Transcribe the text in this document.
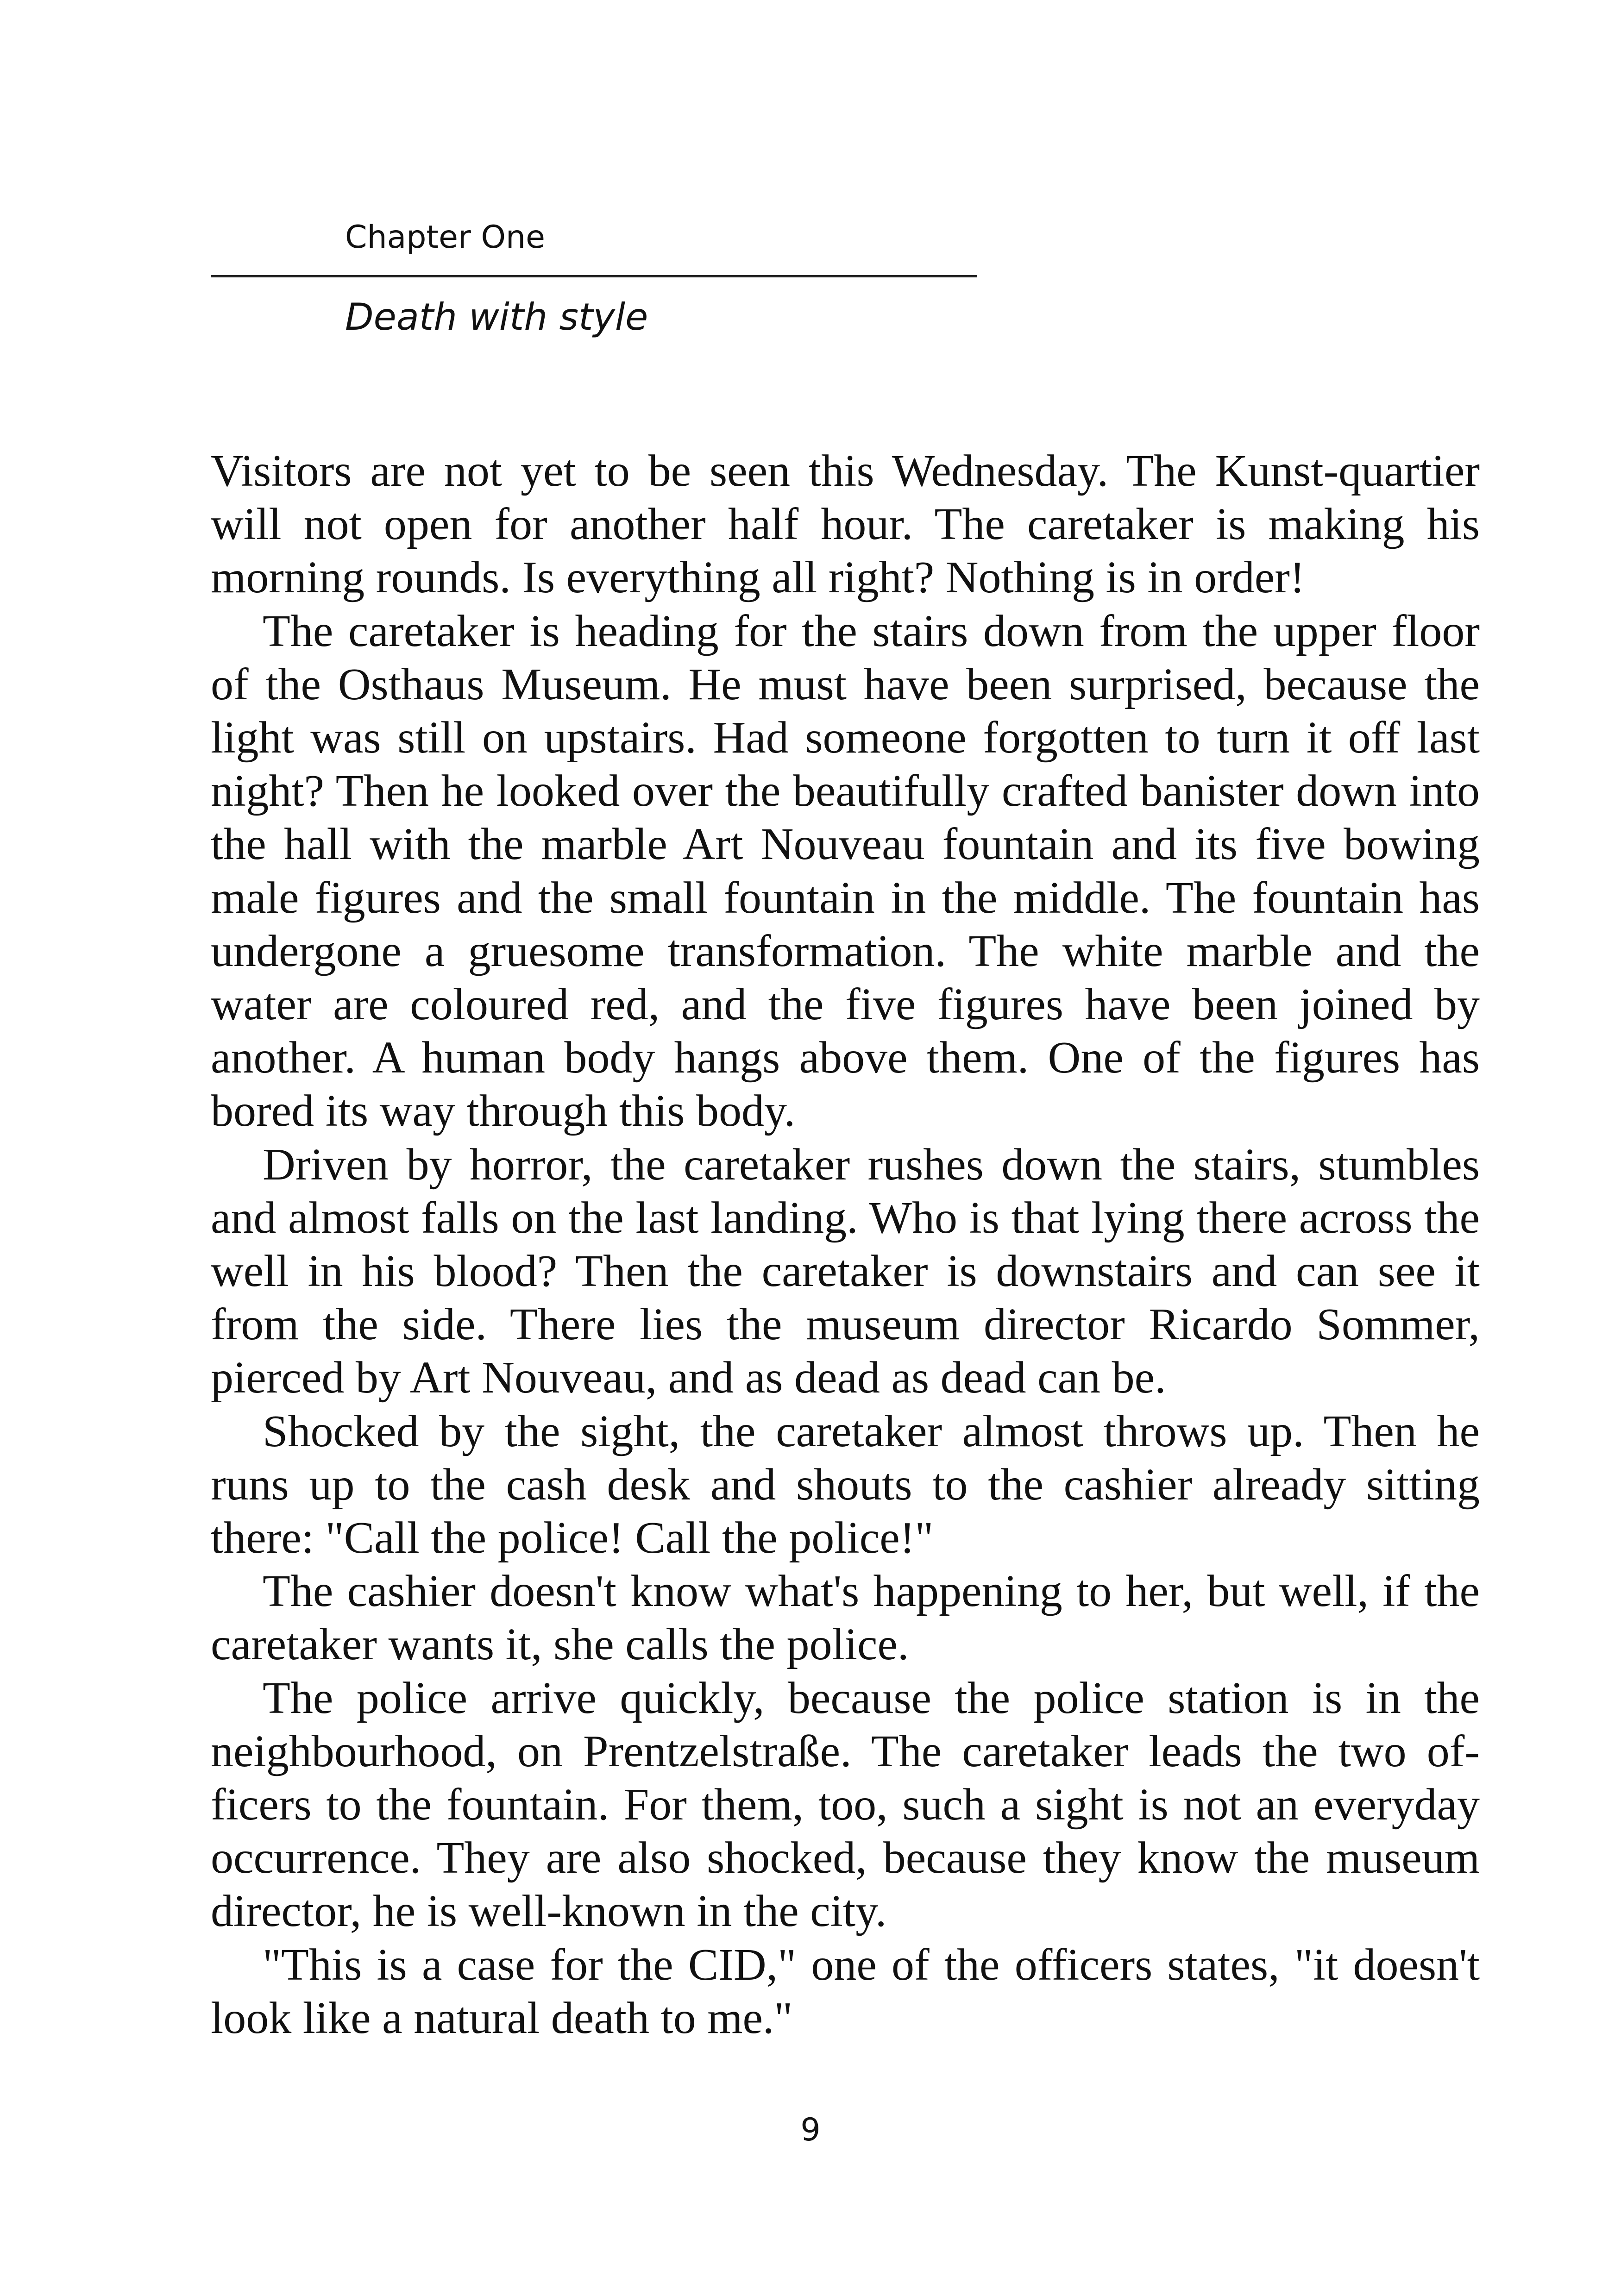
Chapter One
Death with style

Visitors are not yet to be seen this Wednesday. The Kunst-quartier will not open for another half hour. The caretaker is making his morning rounds. Is everything all right? Nothing is in order!

The caretaker is heading for the stairs down from the upper floor of the Osthaus Museum. He must have been surprised, because the light was still on upstairs. Had someone forgotten to turn it off last night? Then he looked over the beautifully crafted banister down into the hall with the marble Art Nouveau fountain and its five bowing male figures and the small fountain in the middle. The fountain has undergone a gruesome transformation. The white marble and the water are coloured red, and the five figures have been joined by another. A human body hangs above them. One of the figures has bored its way through this body.

Driven by horror, the caretaker rushes down the stairs, stumbles and almost falls on the last landing. Who is that lying there across the well in his blood? Then the caretaker is downstairs and can see it from the side. There lies the museum director Ricardo Sommer, pierced by Art Nouveau, and as dead as dead can be.

Shocked by the sight, the caretaker almost throws up. Then he runs up to the cash desk and shouts to the cashier already sitting there: "Call the police! Call the police!"

The cashier doesn't know what's happening to her, but well, if the caretaker wants it, she calls the police.

The police arrive quickly, because the police station is in the neighbourhood, on Prentzelstraße. The caretaker leads the two officers to the fountain. For them, too, such a sight is not an everyday occurrence. They are also shocked, because they know the museum director, he is well-known in the city.

"This is a case for the CID," one of the officers states, "it doesn't look like a natural death to me."

9
